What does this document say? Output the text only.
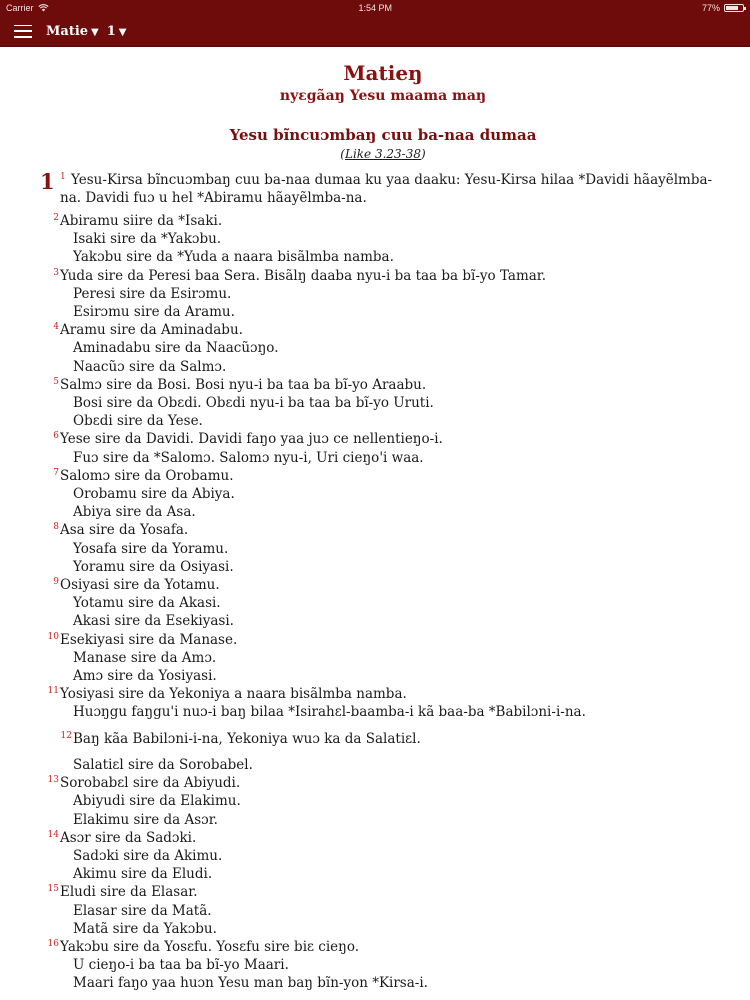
Carrier	1:54 PM	77%
Matie ▼ 1 ▼
Matieŋ
nyɛgãaŋ Yesu maama maŋ
Yesu bĩncuɔmbaŋ cuu ba-naa dumaa
(Like 3.23-38)
1 $^1$ Yesu-Kirsa bĩncuɔmbaŋ cuu ba-naa dumaa ku yaa daaku: Yesu-Kirsa hilaa *Davidi hãayẽlmba-na. Davidi fuɔ u hel *Abiramu hãayẽlmba-na.
2 Abiramu siire da *Isaki.
Isaki sire da *Yakɔbu.
Yakɔbu sire da *Yuda a naara bisãlmba namba.
3 Yuda sire da Peresi baa Sera. Bisãlŋ daaba nyu-i ba taa ba bĩ-yo Tamar.
Peresi sire da Esirɔmu.
Esirɔmu sire da Aramu.
4 Aramu sire da Aminadabu.
Aminadabu sire da Naacũɔŋo.
Naacũɔ sire da Salmɔ.
5 Salmɔ sire da Bosi. Bosi nyu-i ba taa ba bĩ-yo Araabu.
Bosi sire da Obɛdi. Obɛdi nyu-i ba taa ba bĩ-yo Uruti.
Obɛdi sire da Yese.
6 Yese sire da Davidi. Davidi faŋo yaa juɔ ce nellentieŋo-i.
Fuɔ sire da *Salomɔ. Salomɔ nyu-i, Uri cieŋo'i waa.
7 Salomɔ sire da Orobamu.
Orobamu sire da Abiya.
Abiya sire da Asa.
8 Asa sire da Yosafa.
Yosafa sire da Yoramu.
Yoramu sire da Osiyasi.
9 Osiyasi sire da Yotamu.
Yotamu sire da Akasi.
Akasi sire da Esekiyasi.
10 Esekiyasi sire da Manase.
Manase sire da Amɔ.
Amɔ sire da Yosiyasi.
11 Yosiyasi sire da Yekoniya a naara bisãlmba namba.
Huɔŋgu faŋgu'i nuɔ-i baŋ bilaa *Isirahɛl-baamba-i kã baa-ba *Babilɔni-i-na.
12 Baŋ kãa Babilɔni-i-na, Yekoniya wuɔ ka da Salatiɛl.
Salatiɛl sire da Sorobabel.
13 Sorobabɛl sire da Abiyudi.
Abiyudi sire da Elakimu.
Elakimu sire da Asɔr.
14 Asɔr sire da Sadɔki.
Sadɔki sire da Akimu.
Akimu sire da Eludi.
15 Eludi sire da Elasar.
Elasar sire da Matã.
Matã sire da Yakɔbu.
16 Yakɔbu sire da Yosɛfu. Yosɛfu sire biɛ cieŋo.
U cieŋo-i ba taa ba bĩ-yo Maari.
Maari faŋo yaa huɔn Yesu man baŋ bĩn-yon *Kirsa-i.
